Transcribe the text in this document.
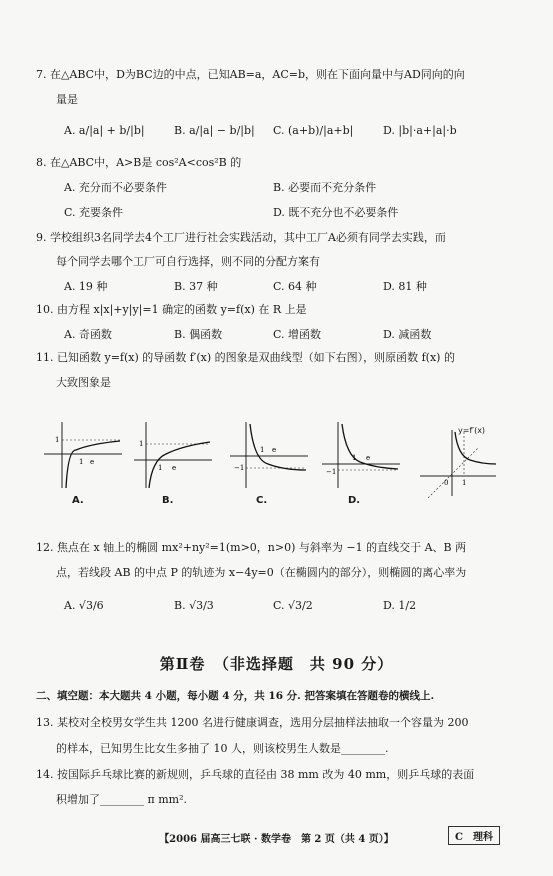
7. 在△ABC中，D为BC边的中点，已知AB=a，AC=b，则在下面向量中与AD同向的向
量是
A. a/|a| + b/|b|	B. a/|a| − b/|b| C. (a+b)/|a+b|	D. |b|·a+|a|·b
8. 在△ABC中，A>B是 cos²A<cos²B 的
A. 充分而不必要条件	B. 必要而不充分条件
C. 充要条件	D. 既不充分也不必要条件
9. 学校组织3名同学去4个工厂进行社会实践活动，其中工厂A必须有同学去实践，而
每个同学去哪个工厂可自行选择，则不同的分配方案有
A. 19 种	B. 37 种	C. 64 种	D. 81 种
10. 由方程 x|x|+y|y|=1 确定的函数 y=f(x) 在 R 上是
A. 奇函数	B. 偶函数	C. 增函数	D. 减函数
11. 已知函数 y=f(x) 的导函数 f′(x) 的图象是双曲线型（如下右图），则原函数 f(x) 的
大致图象是
1 e
1
1 e
1
1 e
−1
1 e
−1
0 1
y=f′(x)
A.	B.	C.	D.
12. 焦点在 x 轴上的椭圆 mx²+ny²=1(m>0，n>0) 与斜率为 −1 的直线交于 A、B 两
点，若线段 AB 的中点 P 的轨迹为 x−4y=0（在椭圆内的部分），则椭圆的离心率为
A. √3/6	B. √3/3	C. √3/2	D. 1/2
第Ⅱ卷　（非选择题　共 90 分）
二、填空题：本大题共 4 小题，每小题 4 分，共 16 分. 把答案填在答题卷的横线上.
13. 某校对全校男女学生共 1200 名进行健康调查，选用分层抽样法抽取一个容量为 200
的样本，已知男生比女生多抽了 10 人，则该校男生人数是________.
14. 按国际乒乓球比赛的新规则，乒乓球的直径由 38 mm 改为 40 mm，则乒乓球的表面
积增加了________ π mm².
【2006 届高三七联 · 数学卷　第 2 页（共 4 页）】	C　理科
